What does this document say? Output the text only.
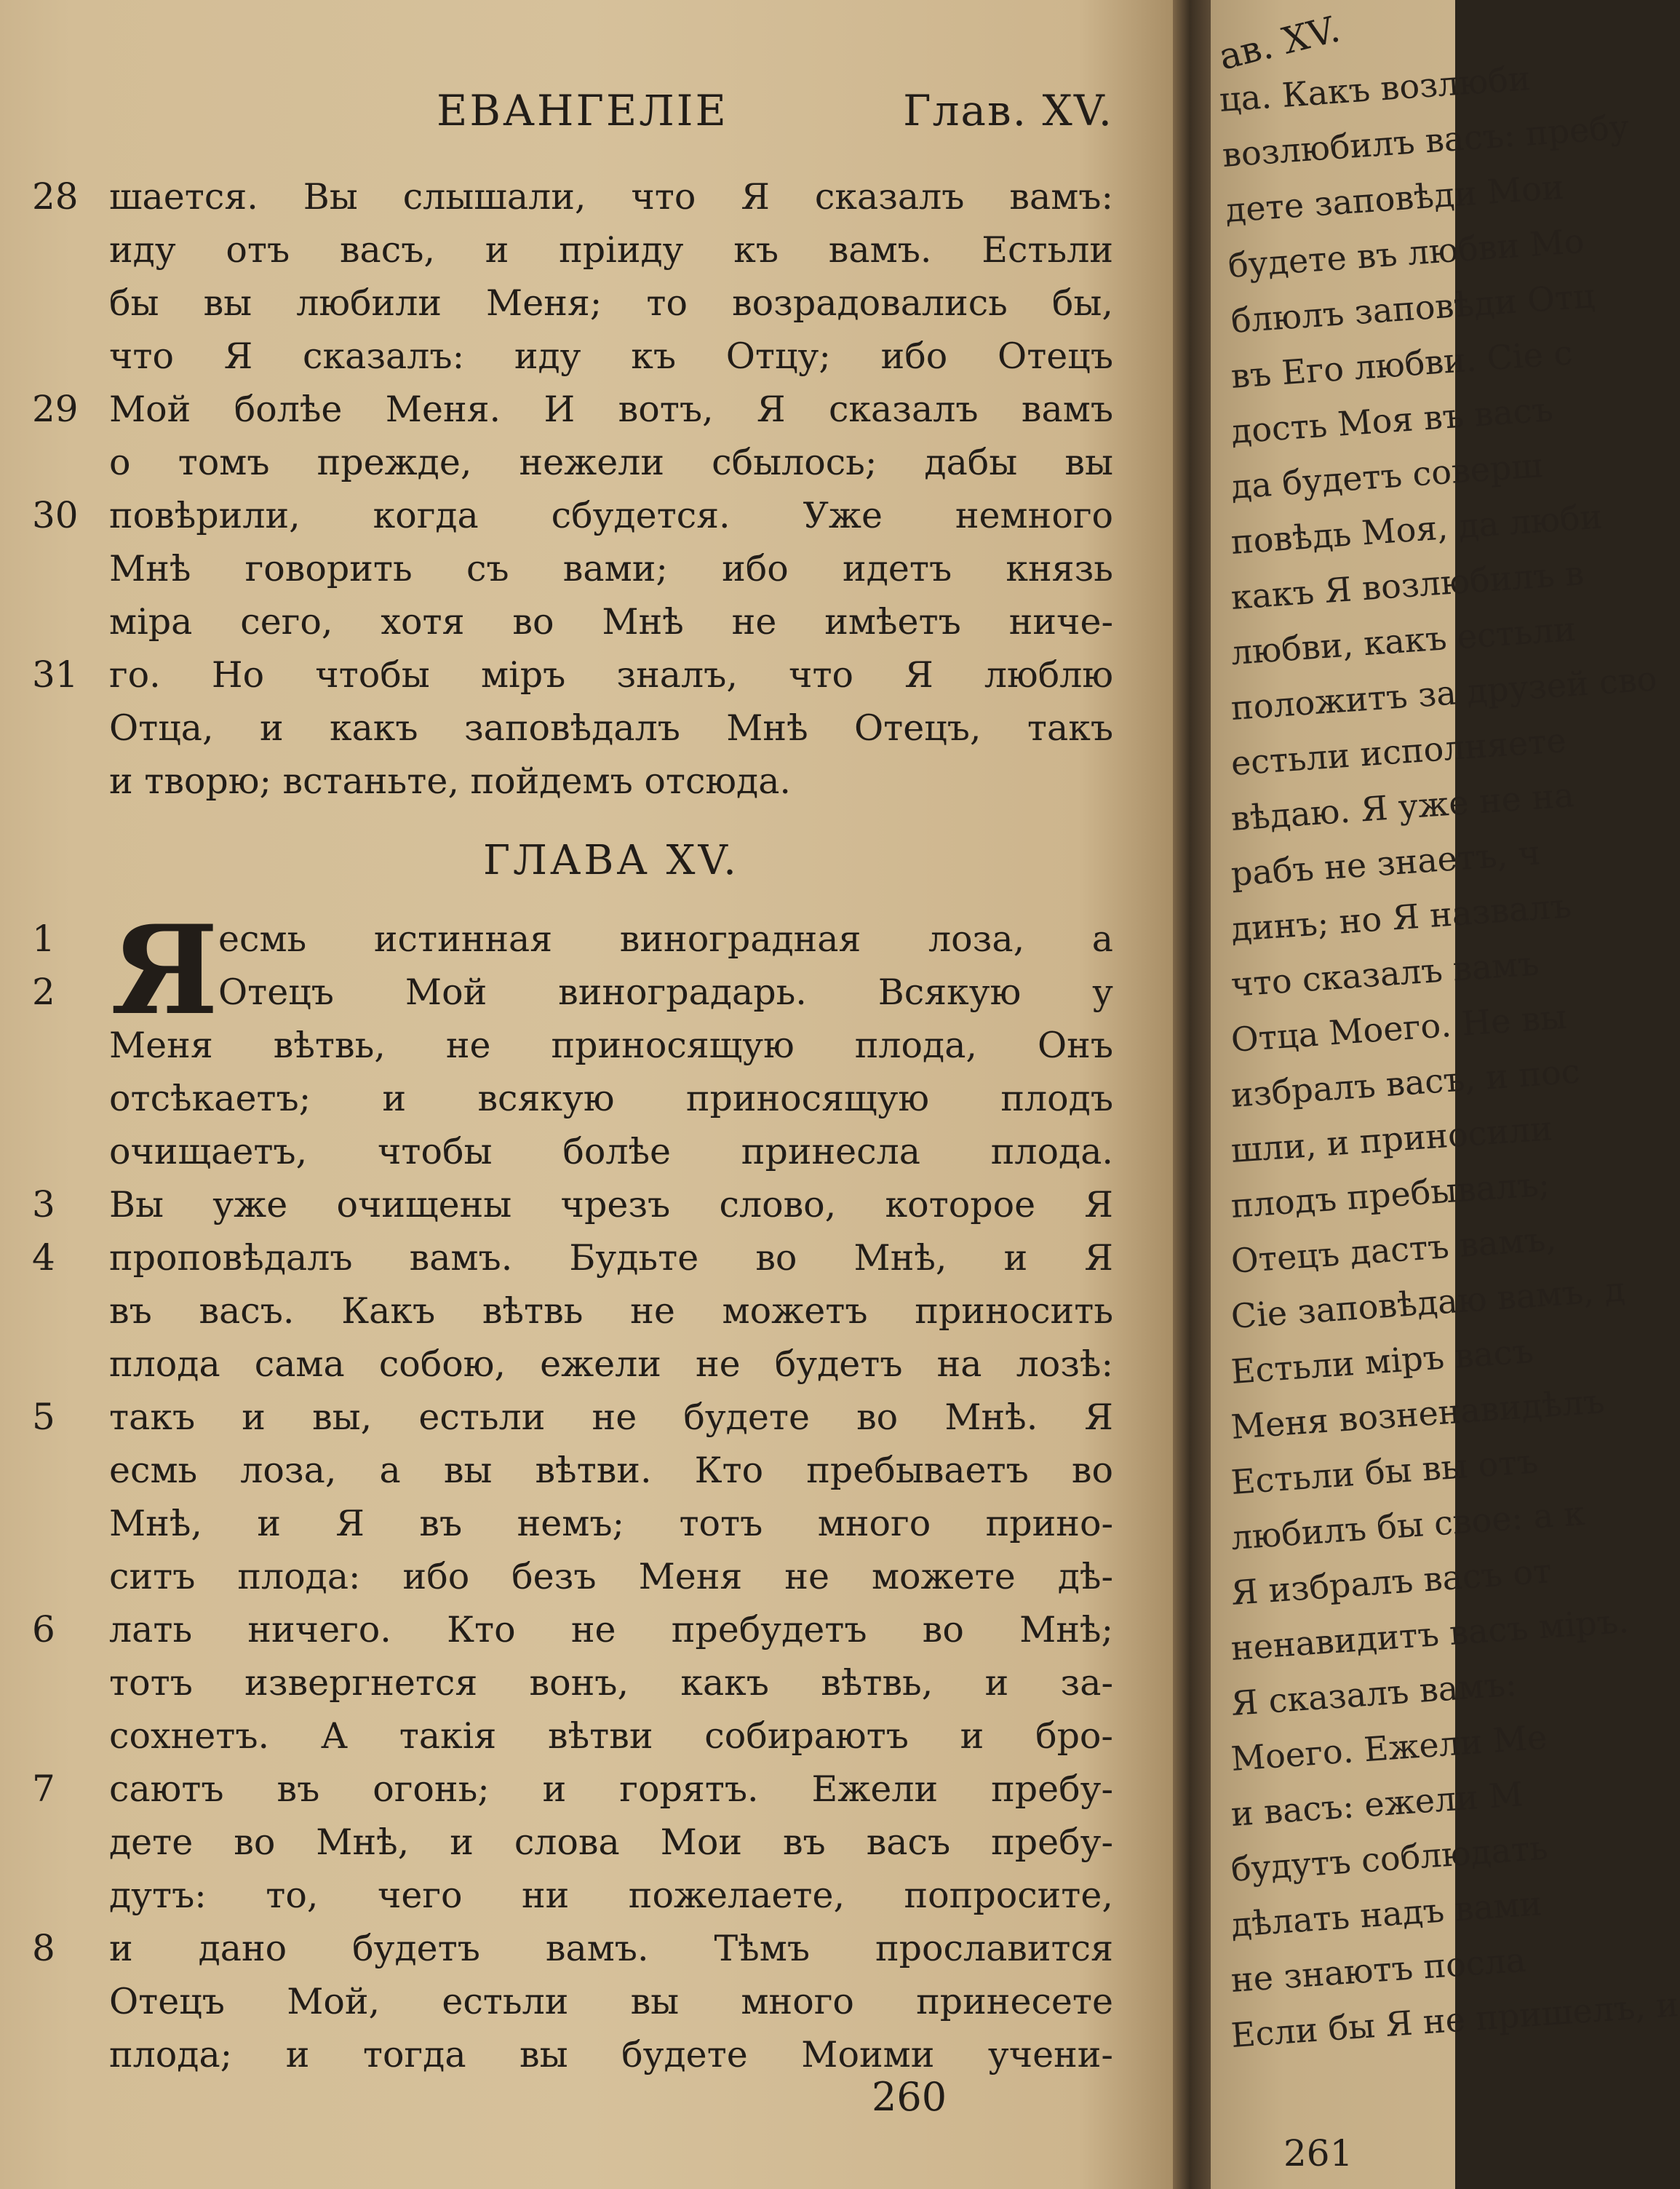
ЕВАНГЕЛІЕ	Глав. XV.
шается. Вы слышали, что Я сказалъ вамъ:
иду отъ васъ, и пріиду къ вамъ. Естьли
бы вы любили Меня; то возрадовались бы,
что Я сказалъ: иду къ Отцу; ибо Отецъ
Мой болѣе Меня. И вотъ, Я сказалъ вамъ
о томъ прежде, нежели сбылось; дабы вы
повѣрили, когда сбудется. Уже немного
Мнѣ говорить съ вами; ибо идетъ князь
міра сего, хотя во Мнѣ не имѣетъ ниче-
го. Но чтобы міръ зналъ, что Я люблю
Отца, и какъ заповѣдалъ Мнѣ Отецъ, такъ
и творю; встаньте, пойдемъ отсюда.
ГЛАВА XV.
Я есмь истинная виноградная лоза, а
Отецъ Мой виноградарь. Всякую у
Меня вѣтвь, не приносящую плода, Онъ
отсѣкаетъ; и всякую приносящую плодъ
очищаетъ, чтобы болѣе принесла плода.
Вы уже очищены чрезъ слово, которое Я
проповѣдалъ вамъ. Будьте во Мнѣ, и Я
въ васъ. Какъ вѣтвь не можетъ приносить
плода сама собою, ежели не будетъ на лозѣ:
такъ и вы, естьли не будете во Мнѣ. Я
есмь лоза, а вы вѣтви. Кто пребываетъ во
Мнѣ, и Я въ немъ; тотъ много прино-
ситъ плода: ибо безъ Меня не можете дѣ-
лать ничего. Кто не пребудетъ во Мнѣ;
тотъ извергнется вонъ, какъ вѣтвь, и за-
сохнетъ. А такія вѣтви собираютъ и бро-
саютъ въ огонь; и горятъ. Ежели пребу-
дете во Мнѣ, и слова Мои въ васъ пребу-
дутъ: то, чего ни пожелаете, попросите,
и дано будетъ вамъ. Тѣмъ прославится
Отецъ Мой, естьли вы много принесете
плода; и тогда вы будете Моими учени-
260
ав. XV.
261
ца. Какъ возлюби
возлюбилъ васъ: пребу
дете заповѣди Мои
будете въ любви Мо
блюлъ заповѣди Отц
въ Его любви. Сіе с
дость Моя въ васъ
да будетъ соверш
повѣдь Моя, да люби
какъ Я возлюбилъ в
любви, какъ естьли
положитъ за друзей сво
естьли исполняете
вѣдаю. Я уже не на
рабъ не знаетъ, ч
динъ; но Я назвалъ
что сказалъ вамъ
Отца Моего. Не вы
избралъ васъ, и пос
шли, и приносили
плодъ пребывалъ;
Отецъ дастъ вамъ,
Сіе заповѣдаю вамъ, д
Естьли міръ васъ
Меня возненавидѣлъ
Естьли бы вы отъ
любилъ бы свое: а к
Я избралъ васъ от
ненавидитъ васъ міръ.
Я сказалъ вамъ:
Моего. Ежели Ме
и васъ: ежели М
будутъ соблюдать
дѣлать надъ вами
не знаютъ посла
Если бы Я не пришелъ, и
28
29
30
31
1
2
3
4
5
6
7
8
